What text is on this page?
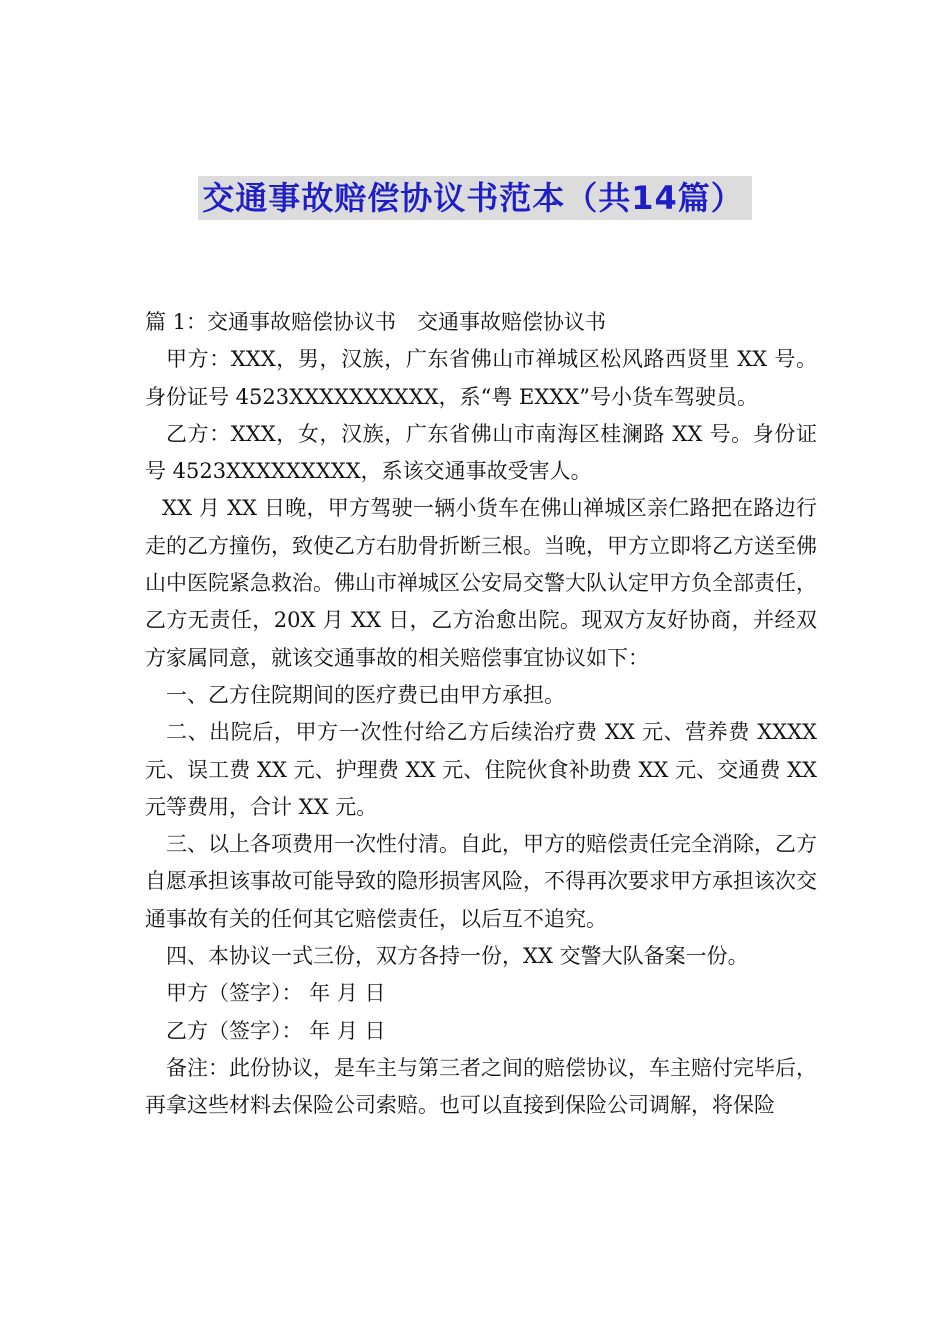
交通事故赔偿协议书范本（共14篇）

篇 1：交通事故赔偿协议书　交通事故赔偿协议书

甲方：XXX，男，汉族，广东省佛山市禅城区松风路西贤里 XX 号。身份证号 4523XXXXXXXXXX，系“粤 EXXX”号小货车驾驶员。

乙方：XXX，女，汉族，广东省佛山市南海区桂澜路 XX 号。身份证号 4523XXXXXXXXX，系该交通事故受害人。

XX 月 XX 日晚，甲方驾驶一辆小货车在佛山禅城区亲仁路把在路边行走的乙方撞伤，致使乙方右肋骨折断三根。当晚，甲方立即将乙方送至佛山中医院紧急救治。佛山市禅城区公安局交警大队认定甲方负全部责任，乙方无责任，20X 月 XX 日，乙方治愈出院。现双方友好协商，并经双方家属同意，就该交通事故的相关赔偿事宜协议如下：

一、乙方住院期间的医疗费已由甲方承担。

二、出院后，甲方一次性付给乙方后续治疗费 XX 元、营养费 XXXX 元、误工费 XX 元、护理费 XX 元、住院伙食补助费 XX 元、交通费 XX 元等费用，合计 XX 元。

三、以上各项费用一次性付清。自此，甲方的赔偿责任完全消除，乙方自愿承担该事故可能导致的隐形损害风险，不得再次要求甲方承担该次交通事故有关的任何其它赔偿责任，以后互不追究。

四、本协议一式三份，双方各持一份，XX 交警大队备案一份。

甲方（签字）： 年 月 日

乙方（签字）： 年 月 日

备注：此份协议，是车主与第三者之间的赔偿协议，车主赔付完毕后，再拿这些材料去保险公司索赔。也可以直接到保险公司调解，将保险
